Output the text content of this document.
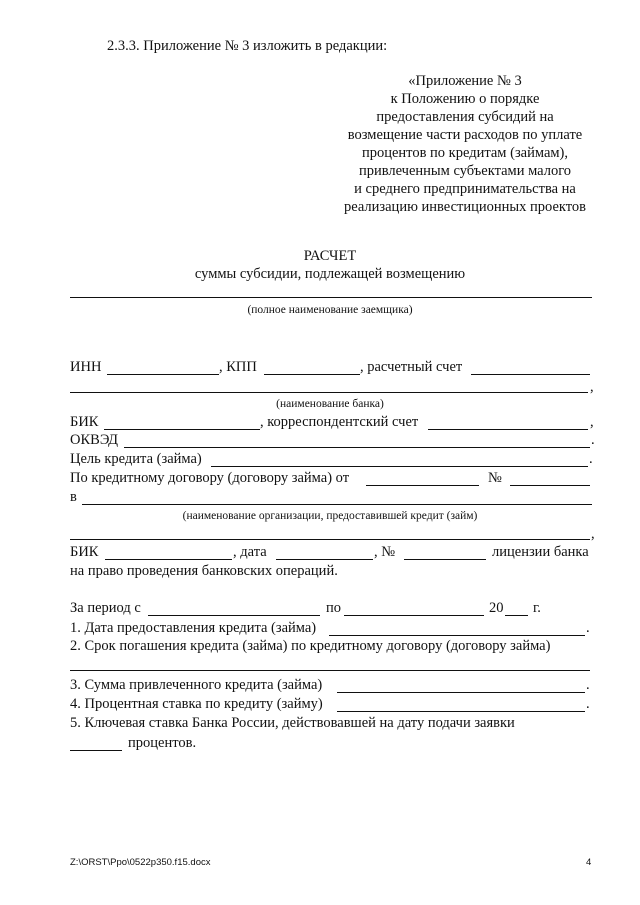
2.3.3. Приложение № 3 изложить в редакции:
«Приложение № 3
к Положению о порядке
предоставления субсидий на
возмещение части расходов по уплате
процентов по кредитам (займам),
привлеченным субъектами малого
и среднего предпринимательства на
реализацию инвестиционных проектов
РАСЧЕТ
суммы субсидии, подлежащей возмещению
(полное наименование заемщика)
ИНН	, КПП	, расчетный счет
,
(наименование банка)
БИК	, корреспондентский счет	,
ОКВЭД	.
Цель кредита (займа)	.
По кредитному договору (договору займа) от	№
в
(наименование организации, предоставившей кредит (займ)
,
БИК	, дата	, №	лицензии банка
на право проведения банковских операций.
За период с	по	20 г.
1. Дата предоставления кредита (займа)	.
2. Срок погашения кредита (займа) по кредитному договору (договору займа)
3. Сумма привлеченного кредита (займа)	.
4. Процентная ставка по кредиту (займу)	.
5. Ключевая ставка Банка России, действовавшей на дату подачи заявки
процентов.
Z:\ORST\Ppo\0522p350.f15.docx	4
